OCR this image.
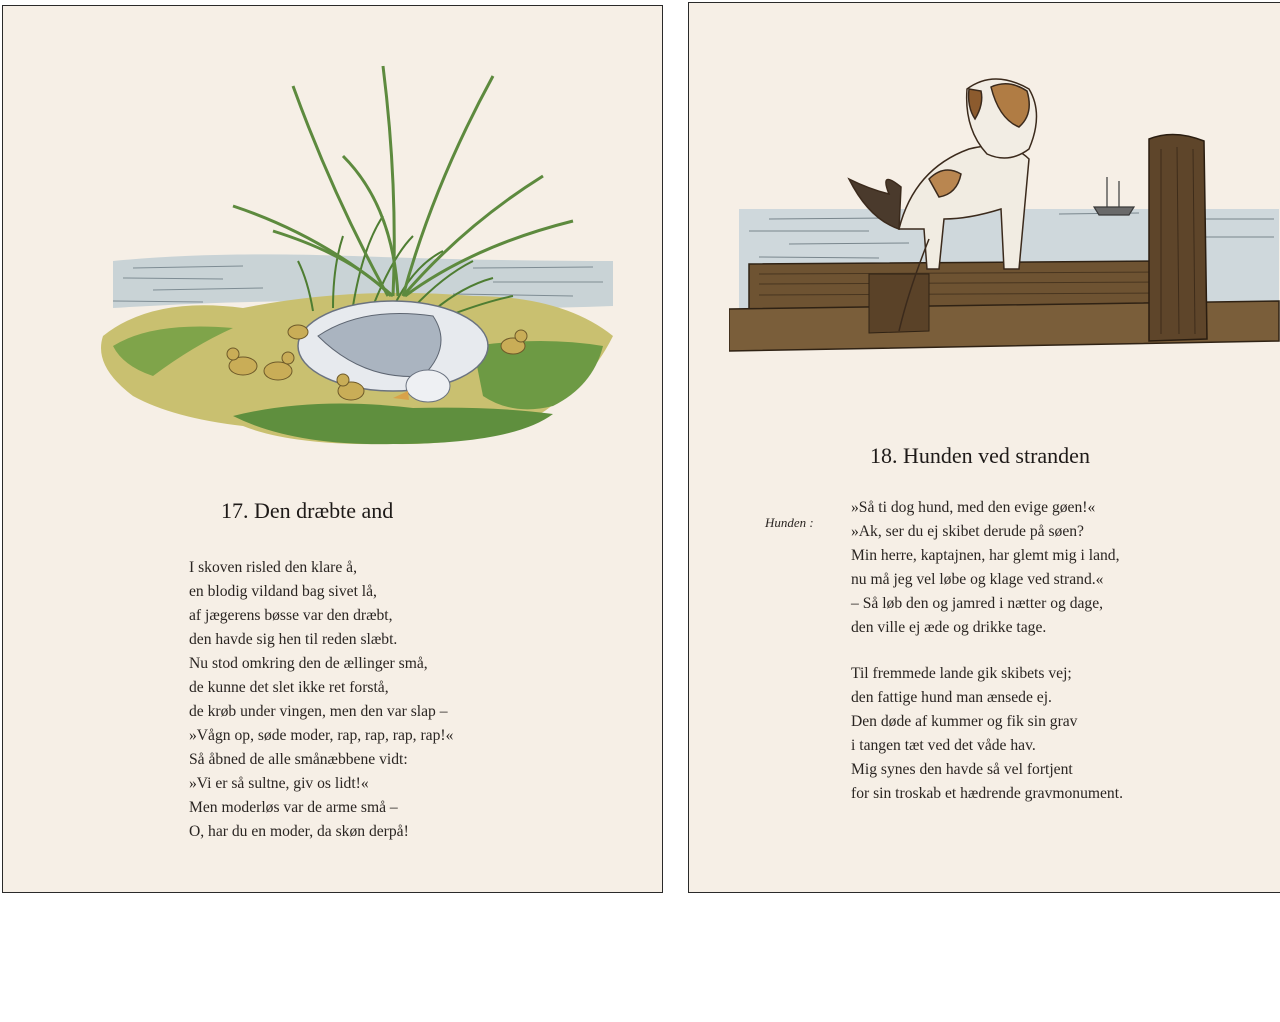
17. Den dræbte and
I skoven risled den klare å,
en blodig vildand bag sivet lå,
af jægerens bøsse var den dræbt,
den havde sig hen til reden slæbt.
Nu stod omkring den de ællinger små,
de kunne det slet ikke ret forstå,
de krøb under vingen, men den var slap –
»Vågn op, søde moder, rap, rap, rap, rap!«
Så åbned de alle smånæbbene vidt:
»Vi er så sultne, giv os lidt!«
Men moderløs var de arme små –
O, har du en moder, da skøn derpå!
18. Hunden ved stranden
Hunden :
»Så ti dog hund, med den evige gøen!«
»Ak, ser du ej skibet derude på søen?
Min herre, kaptajnen, har glemt mig i land,
nu må jeg vel løbe og klage ved strand.«
– Så løb den og jamred i nætter og dage,
den ville ej æde og drikke tage.
Til fremmede lande gik skibets vej;
den fattige hund man ænsede ej.
Den døde af kummer og fik sin grav
i tangen tæt ved det våde hav.
Mig synes den havde så vel fortjent
for sin troskab et hædrende gravmonument.
